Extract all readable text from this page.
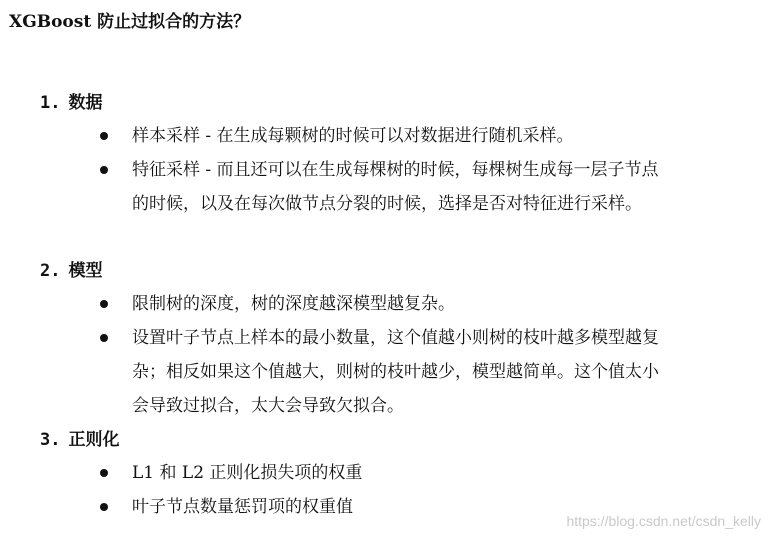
XGBoost 防止过拟合的方法？
1. 数据
样本采样 - 在生成每颗树的时候可以对数据进行随机采样。
特征采样 - 而且还可以在生成每棵树的时候，每棵树生成每一层子节点
的时候，以及在每次做节点分裂的时候，选择是否对特征进行采样。
2. 模型
限制树的深度，树的深度越深模型越复杂。
设置叶子节点上样本的最小数量，这个值越小则树的枝叶越多模型越复
杂；相反如果这个值越大，则树的枝叶越少，模型越简单。这个值太小
会导致过拟合，太大会导致欠拟合。
3. 正则化
L1 和 L2 正则化损失项的权重
叶子节点数量惩罚项的权重值
https://blog.csdn.net/csdn_kelly
